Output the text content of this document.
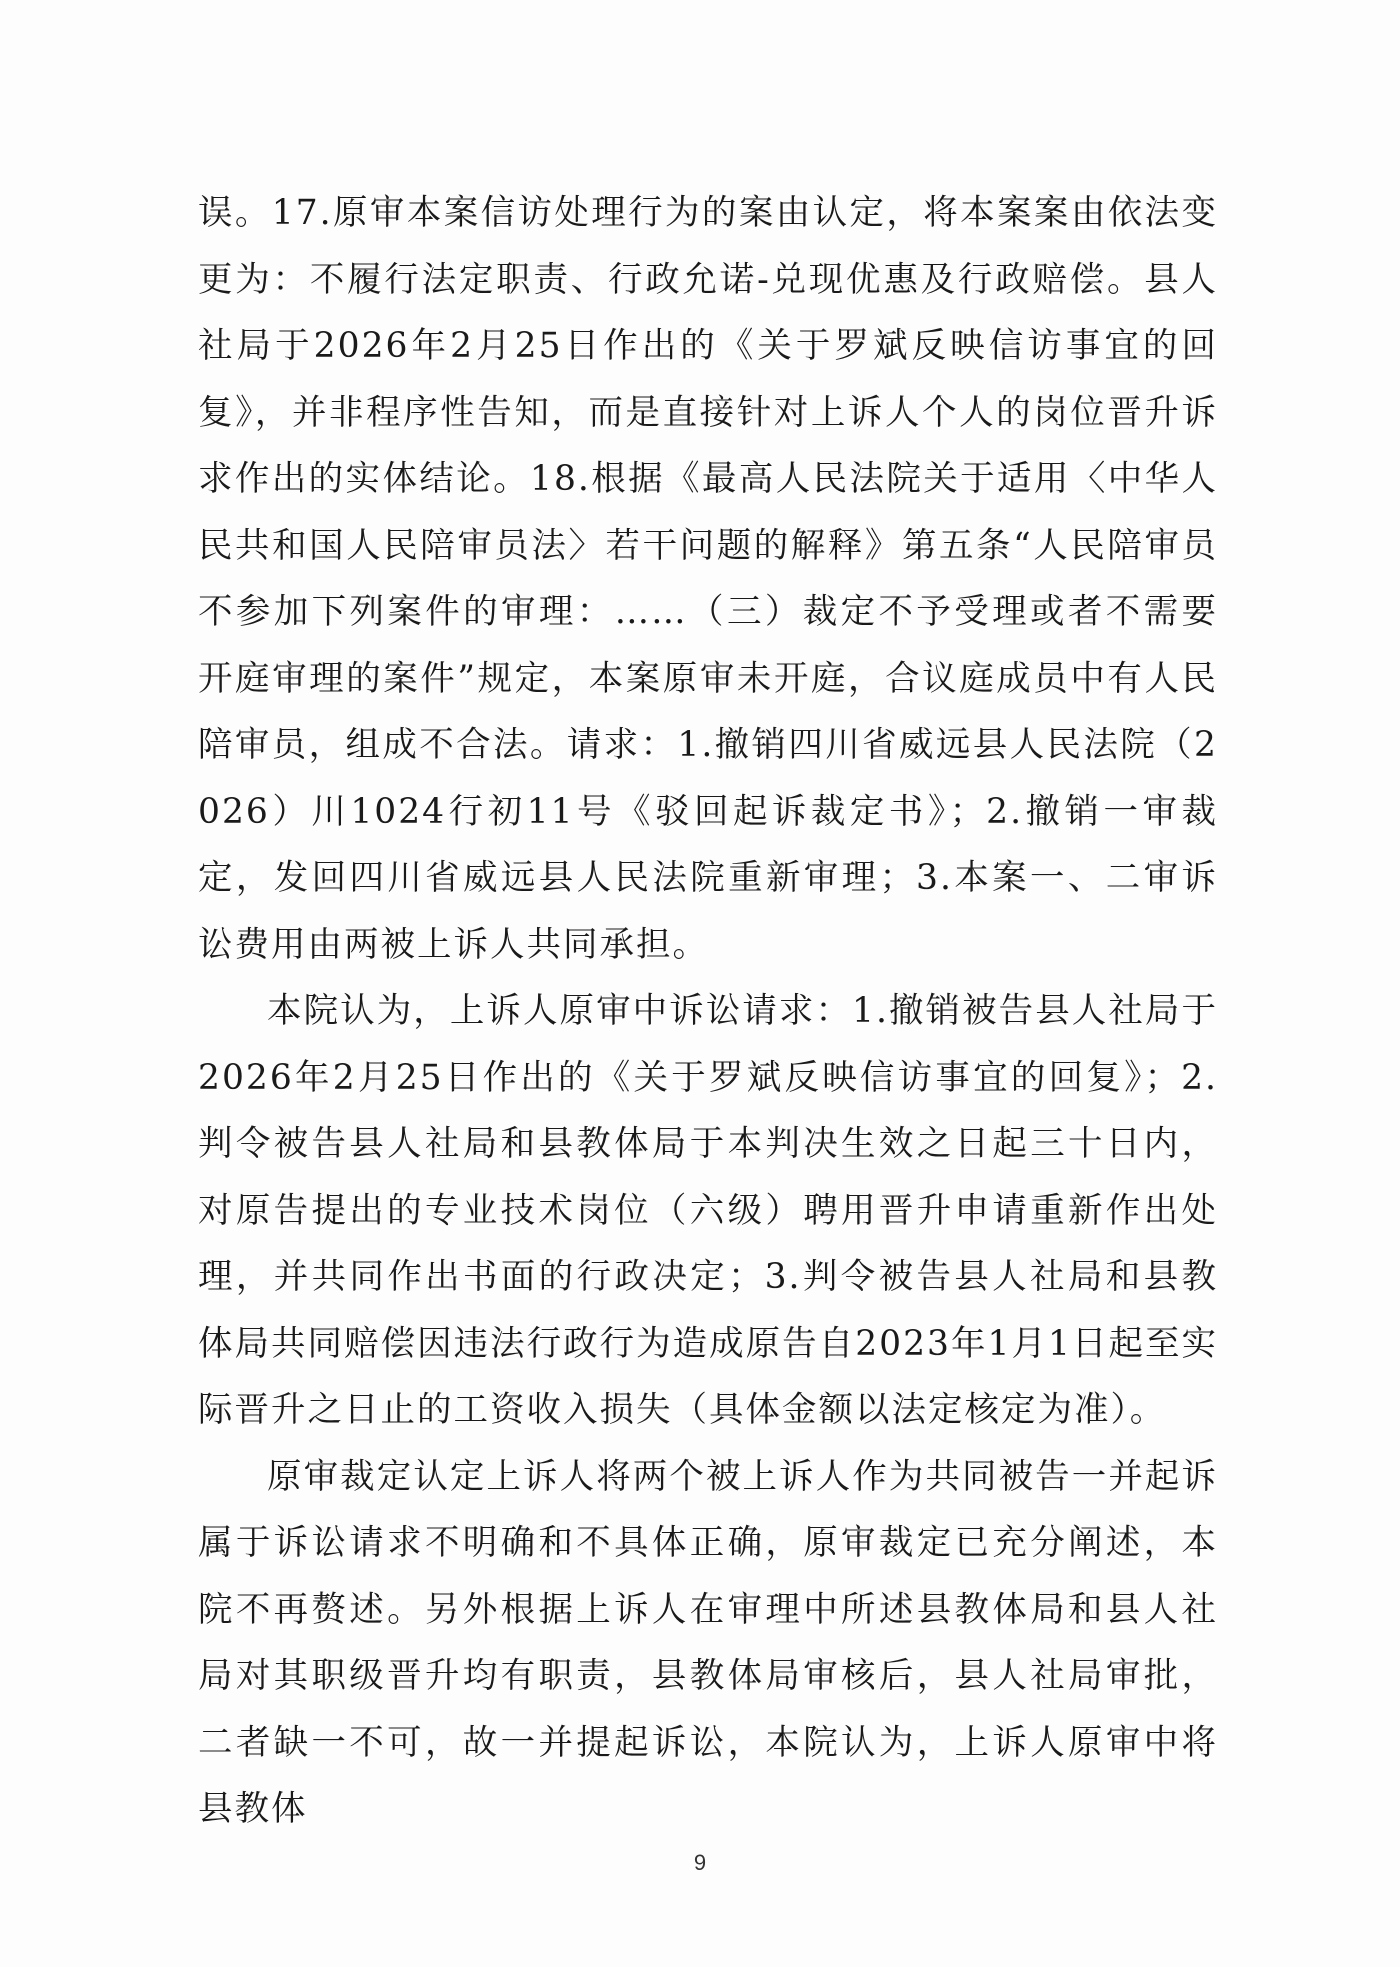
误。17.原审本案信访处理行为的案由认定，将本案案由依法变更为：不履行法定职责、行政允诺-兑现优惠及行政赔偿。县人社局于2026年2月25日作出的《关于罗斌反映信访事宜的回复》，并非程序性告知，而是直接针对上诉人个人的岗位晋升诉求作出的实体结论。18.根据《最高人民法院关于适用〈中华人民共和国人民陪审员法〉若干问题的解释》第五条“人民陪审员不参加下列案件的审理：……（三）裁定不予受理或者不需要开庭审理的案件”规定，本案原审未开庭，合议庭成员中有人民陪审员，组成不合法。请求：1.撤销四川省威远县人民法院（2026）川1024行初11号《驳回起诉裁定书》；2.撤销一审裁定，发回四川省威远县人民法院重新审理；3.本案一、二审诉讼费用由两被上诉人共同承担。

本院认为，上诉人原审中诉讼请求：1.撤销被告县人社局于2026年2月25日作出的《关于罗斌反映信访事宜的回复》；2.判令被告县人社局和县教体局于本判决生效之日起三十日内，对原告提出的专业技术岗位（六级）聘用晋升申请重新作出处理，并共同作出书面的行政决定；3.判令被告县人社局和县教体局共同赔偿因违法行政行为造成原告自2023年1月1日起至实际晋升之日止的工资收入损失（具体金额以法定核定为准）。

原审裁定认定上诉人将两个被上诉人作为共同被告一并起诉属于诉讼请求不明确和不具体正确，原审裁定已充分阐述，本院不再赘述。另外根据上诉人在审理中所述县教体局和县人社局对其职级晋升均有职责，县教体局审核后，县人社局审批，二者缺一不可，故一并提起诉讼，本院认为，上诉人原审中将县教体

9
